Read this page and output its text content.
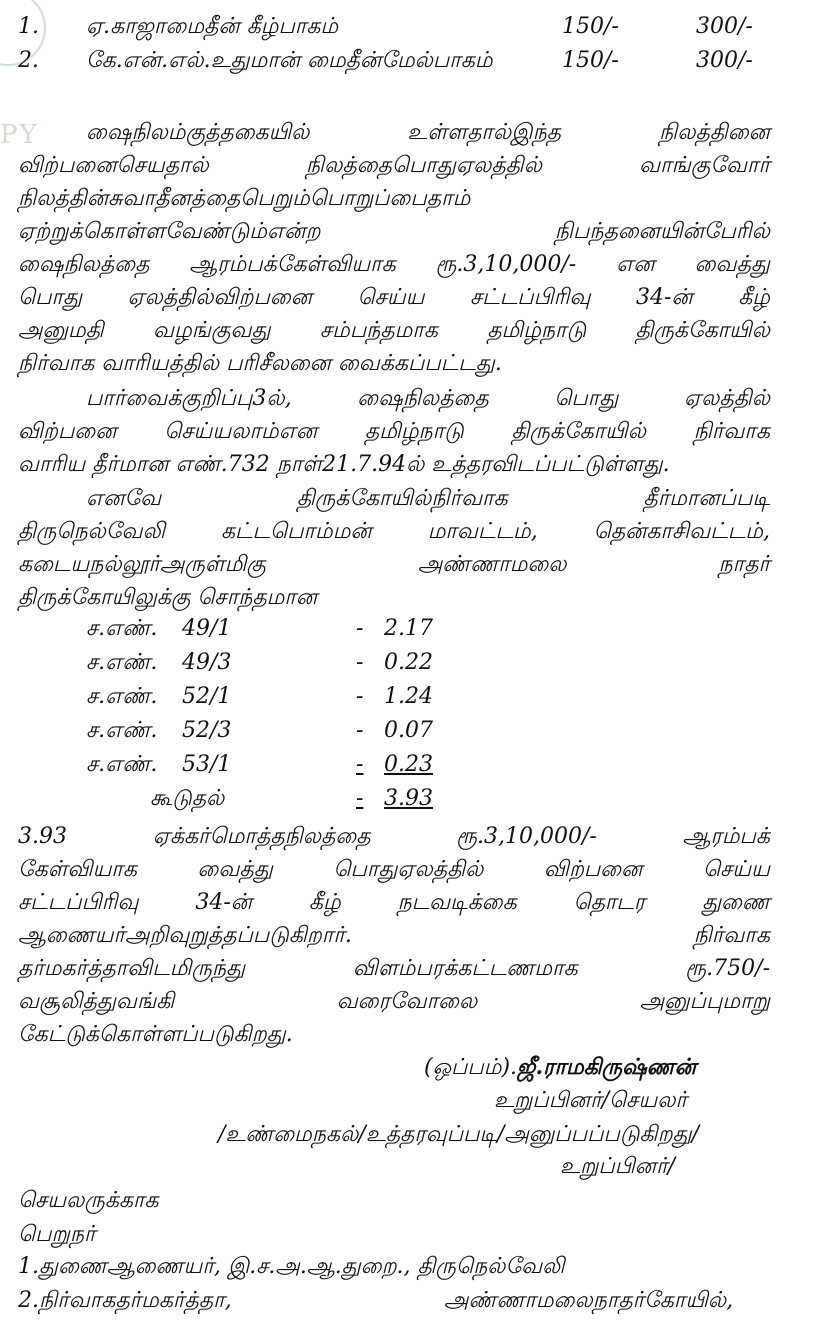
PY
1. ஏ.காஜாமைதீன் கீழ்பாகம்	150/-	300/-
2. கே.என்.எல்.உதுமான் மைதீன்மேல்பாகம்	150/-	300/-
ஷைநிலம்குத்தகையில் உள்ளதால்இந்த நிலத்தினை
விற்பனைசெயதால் நிலத்தைபொதுஏலத்தில் வாங்குவோர்
நிலத்தின்சுவாதீனத்தைபெறும்பொறுப்பைதாம்
ஏற்றுக்கொள்ளவேண்டும்என்ற நிபந்தனையின்பேரில்
ஷைநிலத்தை ஆரம்பக்கேள்வியாக ரூ.3,10,000/- என வைத்து
பொது ஏலத்தில்விற்பனை செய்ய சட்டப்பிரிவு 34-ன் கீழ்
அனுமதி வழங்குவது சம்பந்தமாக தமிழ்நாடு திருக்கோயில்
நிர்வாக வாரியத்தில் பரிசீலனை வைக்கப்பட்டது.
பார்வைக்குறிப்பு3ல், ஷைநிலத்தை பொது ஏலத்தில்
விற்பனை செய்யலாம்என தமிழ்நாடு திருக்கோயில் நிர்வாக
வாரிய தீர்மான எண்.732 நாள்21.7.94ல் உத்தரவிடப்பட்டுள்ளது.
எனவே திருக்கோயில்நிர்வாக தீர்மானப்படி
திருநெல்வேலி கட்டபொம்மன் மாவட்டம், தென்காசிவட்டம்,
கடையநல்லூர்அருள்மிகு அண்ணாமலை நாதர்
திருக்கோயிலுக்கு சொந்தமான
ச.எண். 49/1	- 2.17
ச.எண். 49/3	- 0.22
ச.எண். 52/1	- 1.24
ச.எண். 52/3	- 0.07
ச.எண். 53/1	- 0.23
கூடுதல்	- 3.93
3.93 ஏக்கர்மொத்தநிலத்தை ரூ.3,10,000/- ஆரம்பக்
கேள்வியாக வைத்து பொதுஏலத்தில் விற்பனை செய்ய
சட்டப்பிரிவு 34-ன் கீழ் நடவடிக்கை தொடர துணை
ஆணையர்அறிவுறுத்தப்படுகிறார். நிர்வாக
தர்மகர்த்தாவிடமிருந்து விளம்பரக்கட்டணமாக ரூ.750/-
வசூலித்துவங்கி வரைவோலை அனுப்புமாறு
கேட்டுக்கொள்ளப்படுகிறது.
(ஒப்பம்).ஜீ.ராமகிருஷ்ணன்
உறுப்பினர்/செயலர்
/உண்மைநகல்/உத்தரவுப்படி/அனுப்பப்படுகிறது/
உறுப்பினர்/
செயலருக்காக
பெறுநர்
1.துணைஆணையர், இ.ச.அ.ஆ.துறை., திருநெல்வேலி
2.நிர்வாகதர்மகர்த்தா,	அண்ணாமலைநாதர்கோயில்,
